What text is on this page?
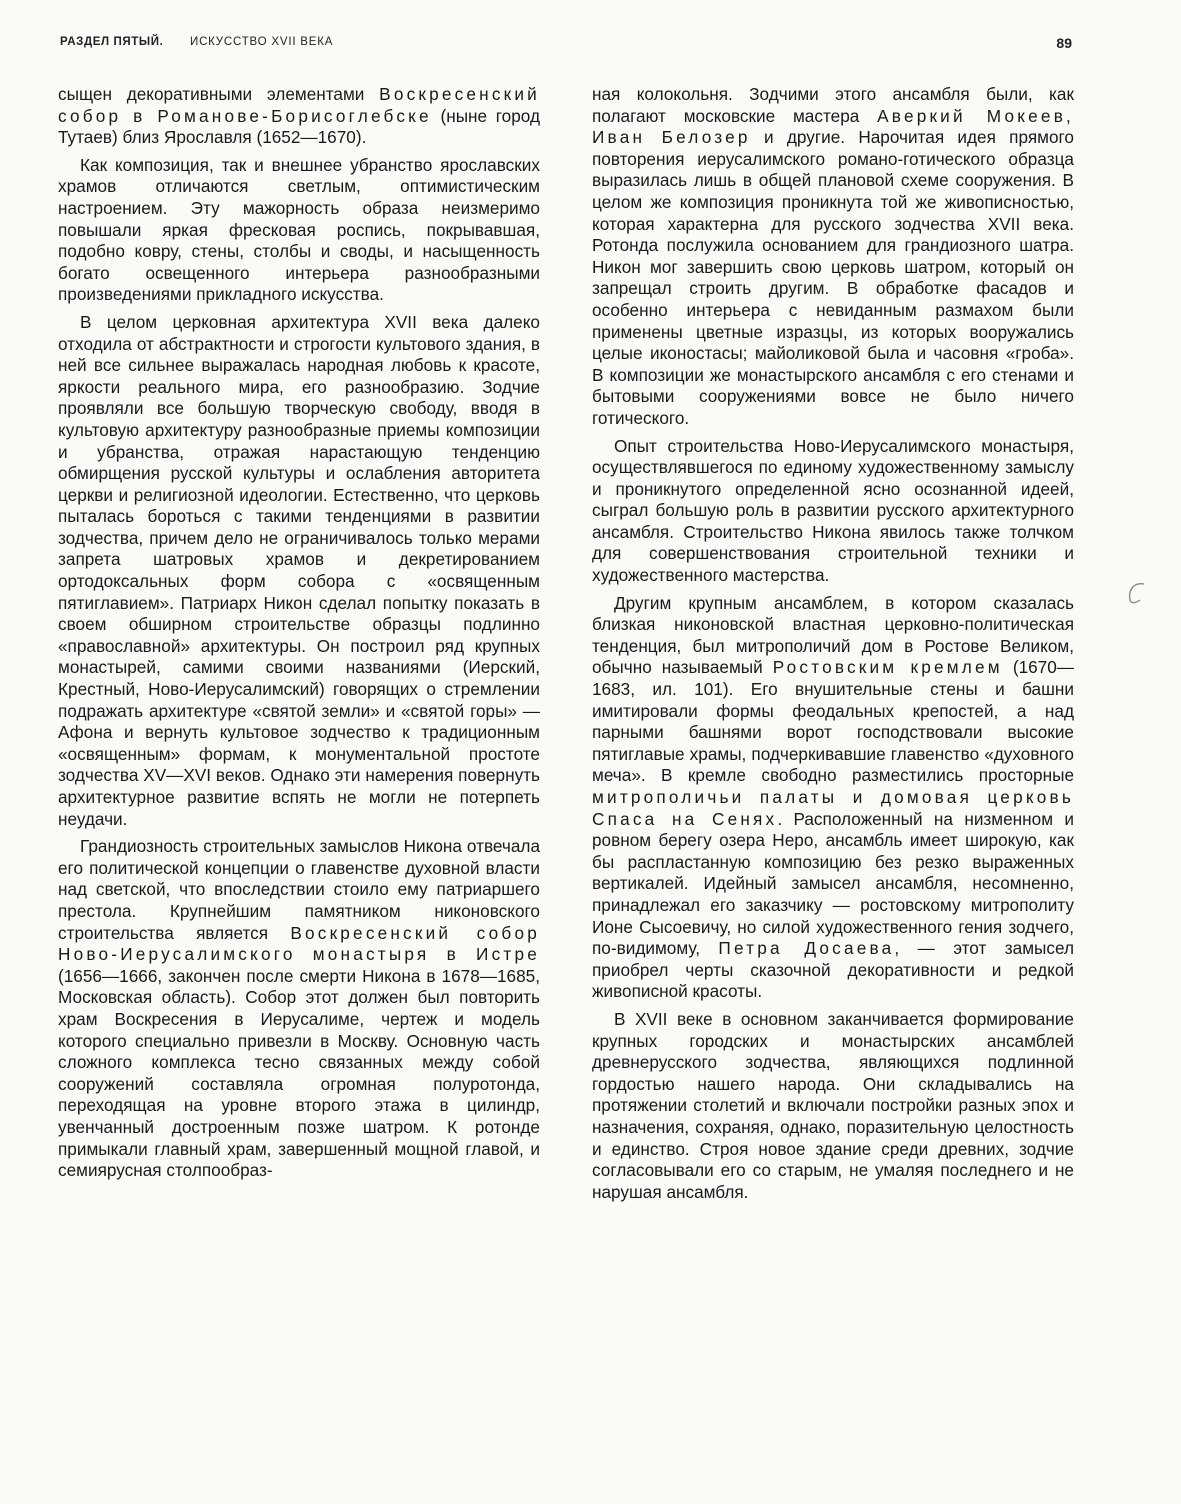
РАЗДЕЛ ПЯТЫЙ. ИСКУССТВО XVII ВЕКА	89

сыщен декоративными элементами Воскресенский собор в Романове-Борисоглебске (ныне город Тутаев) близ Ярославля (1652—1670).

Как композиция, так и внешнее убранство ярославских храмов отличаются светлым, оптимистическим настроением. Эту мажорность образа неизмеримо повышали яркая фресковая роспись, покрывавшая, подобно ковру, стены, столбы и своды, и насыщенность богато освещенного интерьера разнообразными произведениями прикладного искусства.

В целом церковная архитектура XVII века далеко отходила от абстрактности и строгости культового здания, в ней все сильнее выражалась народная любовь к красоте, яркости реального мира, его разнообразию. Зодчие проявляли все большую творческую свободу, вводя в культовую архитектуру разнообразные приемы композиции и убранства, отражая нарастающую тенденцию обмирщения русской культуры и ослабления авторитета церкви и религиозной идеологии. Естественно, что церковь пыталась бороться с такими тенденциями в развитии зодчества, причем дело не ограничивалось только мерами запрета шатровых храмов и декретированием ортодоксальных форм собора с «освященным пятиглавием». Патриарх Никон сделал попытку показать в своем обширном строительстве образцы подлинно «православной» архитектуры. Он построил ряд крупных монастырей, самими своими названиями (Иерский, Крестный, Ново-Иерусалимский) говорящих о стремлении подражать архитектуре «святой земли» и «святой горы» — Афона и вернуть культовое зодчество к традиционным «освященным» формам, к монументальной простоте зодчества XV—XVI веков. Однако эти намерения повернуть архитектурное развитие вспять не могли не потерпеть неудачи.

Грандиозность строительных замыслов Никона отвечала его политической концепции о главенстве духовной власти над светской, что впоследствии стоило ему патриаршего престола. Крупнейшим памятником никоновского строительства является Воскресенский собор Ново-Иерусалимского монастыря в Истре (1656—1666, закончен после смерти Никона в 1678—1685, Московская область). Собор этот должен был повторить храм Воскресения в Иерусалиме, чертеж и модель которого специально привезли в Москву. Основную часть сложного комплекса тесно связанных между собой сооружений составляла огромная полуротонда, переходящая на уровне второго этажа в цилиндр, увенчанный достроенным позже шатром. К ротонде примыкали главный храм, завершенный мощной главой, и семиярусная столпообраз-

ная колокольня. Зодчими этого ансамбля были, как полагают московские мастера Аверкий Мокеев, Иван Белозер и другие. Нарочитая идея прямого повторения иерусалимского романо-готического образца выразилась лишь в общей плановой схеме сооружения. В целом же композиция проникнута той же живописностью, которая характерна для русского зодчества XVII века. Ротонда послужила основанием для грандиозного шатра. Никон мог завершить свою церковь шатром, который он запрещал строить другим. В обработке фасадов и особенно интерьера с невиданным размахом были применены цветные изразцы, из которых вооружались целые иконостасы; майоликовой была и часовня «гроба». В композиции же монастырского ансамбля с его стенами и бытовыми сооружениями вовсе не было ничего готического.

Опыт строительства Ново-Иерусалимского монастыря, осуществлявшегося по единому художественному замыслу и проникнутого определенной ясно осознанной идеей, сыграл большую роль в развитии русского архитектурного ансамбля. Строительство Никона явилось также толчком для совершенствования строительной техники и художественного мастерства.

Другим крупным ансамблем, в котором сказалась близкая никоновской властная церковно-политическая тенденция, был митрополичий дом в Ростове Великом, обычно называемый Ростовским кремлем (1670—1683, ил. 101). Его внушительные стены и башни имитировали формы феодальных крепостей, а над парными башнями ворот господствовали высокие пятиглавые храмы, подчеркивавшие главенство «духовного меча». В кремле свободно разместились просторные митрополичьи палаты и домовая церковь Спаса на Сенях. Расположенный на низменном и ровном берегу озера Неро, ансамбль имеет широкую, как бы распластанную композицию без резко выраженных вертикалей. Идейный замысел ансамбля, несомненно, принадлежал его заказчику — ростовскому митрополиту Ионе Сысоевичу, но силой художественного гения зодчего, по-видимому, Петра Досаева, — этот замысел приобрел черты сказочной декоративности и редкой живописной красоты.

В XVII веке в основном заканчивается формирование крупных городских и монастырских ансамблей древнерусского зодчества, являющихся подлинной гордостью нашего народа. Они складывались на протяжении столетий и включали постройки разных эпох и назначения, сохраняя, однако, поразительную целостность и единство. Строя новое здание среди древних, зодчие согласовывали его со старым, не умаляя последнего и не нарушая ансамбля.
